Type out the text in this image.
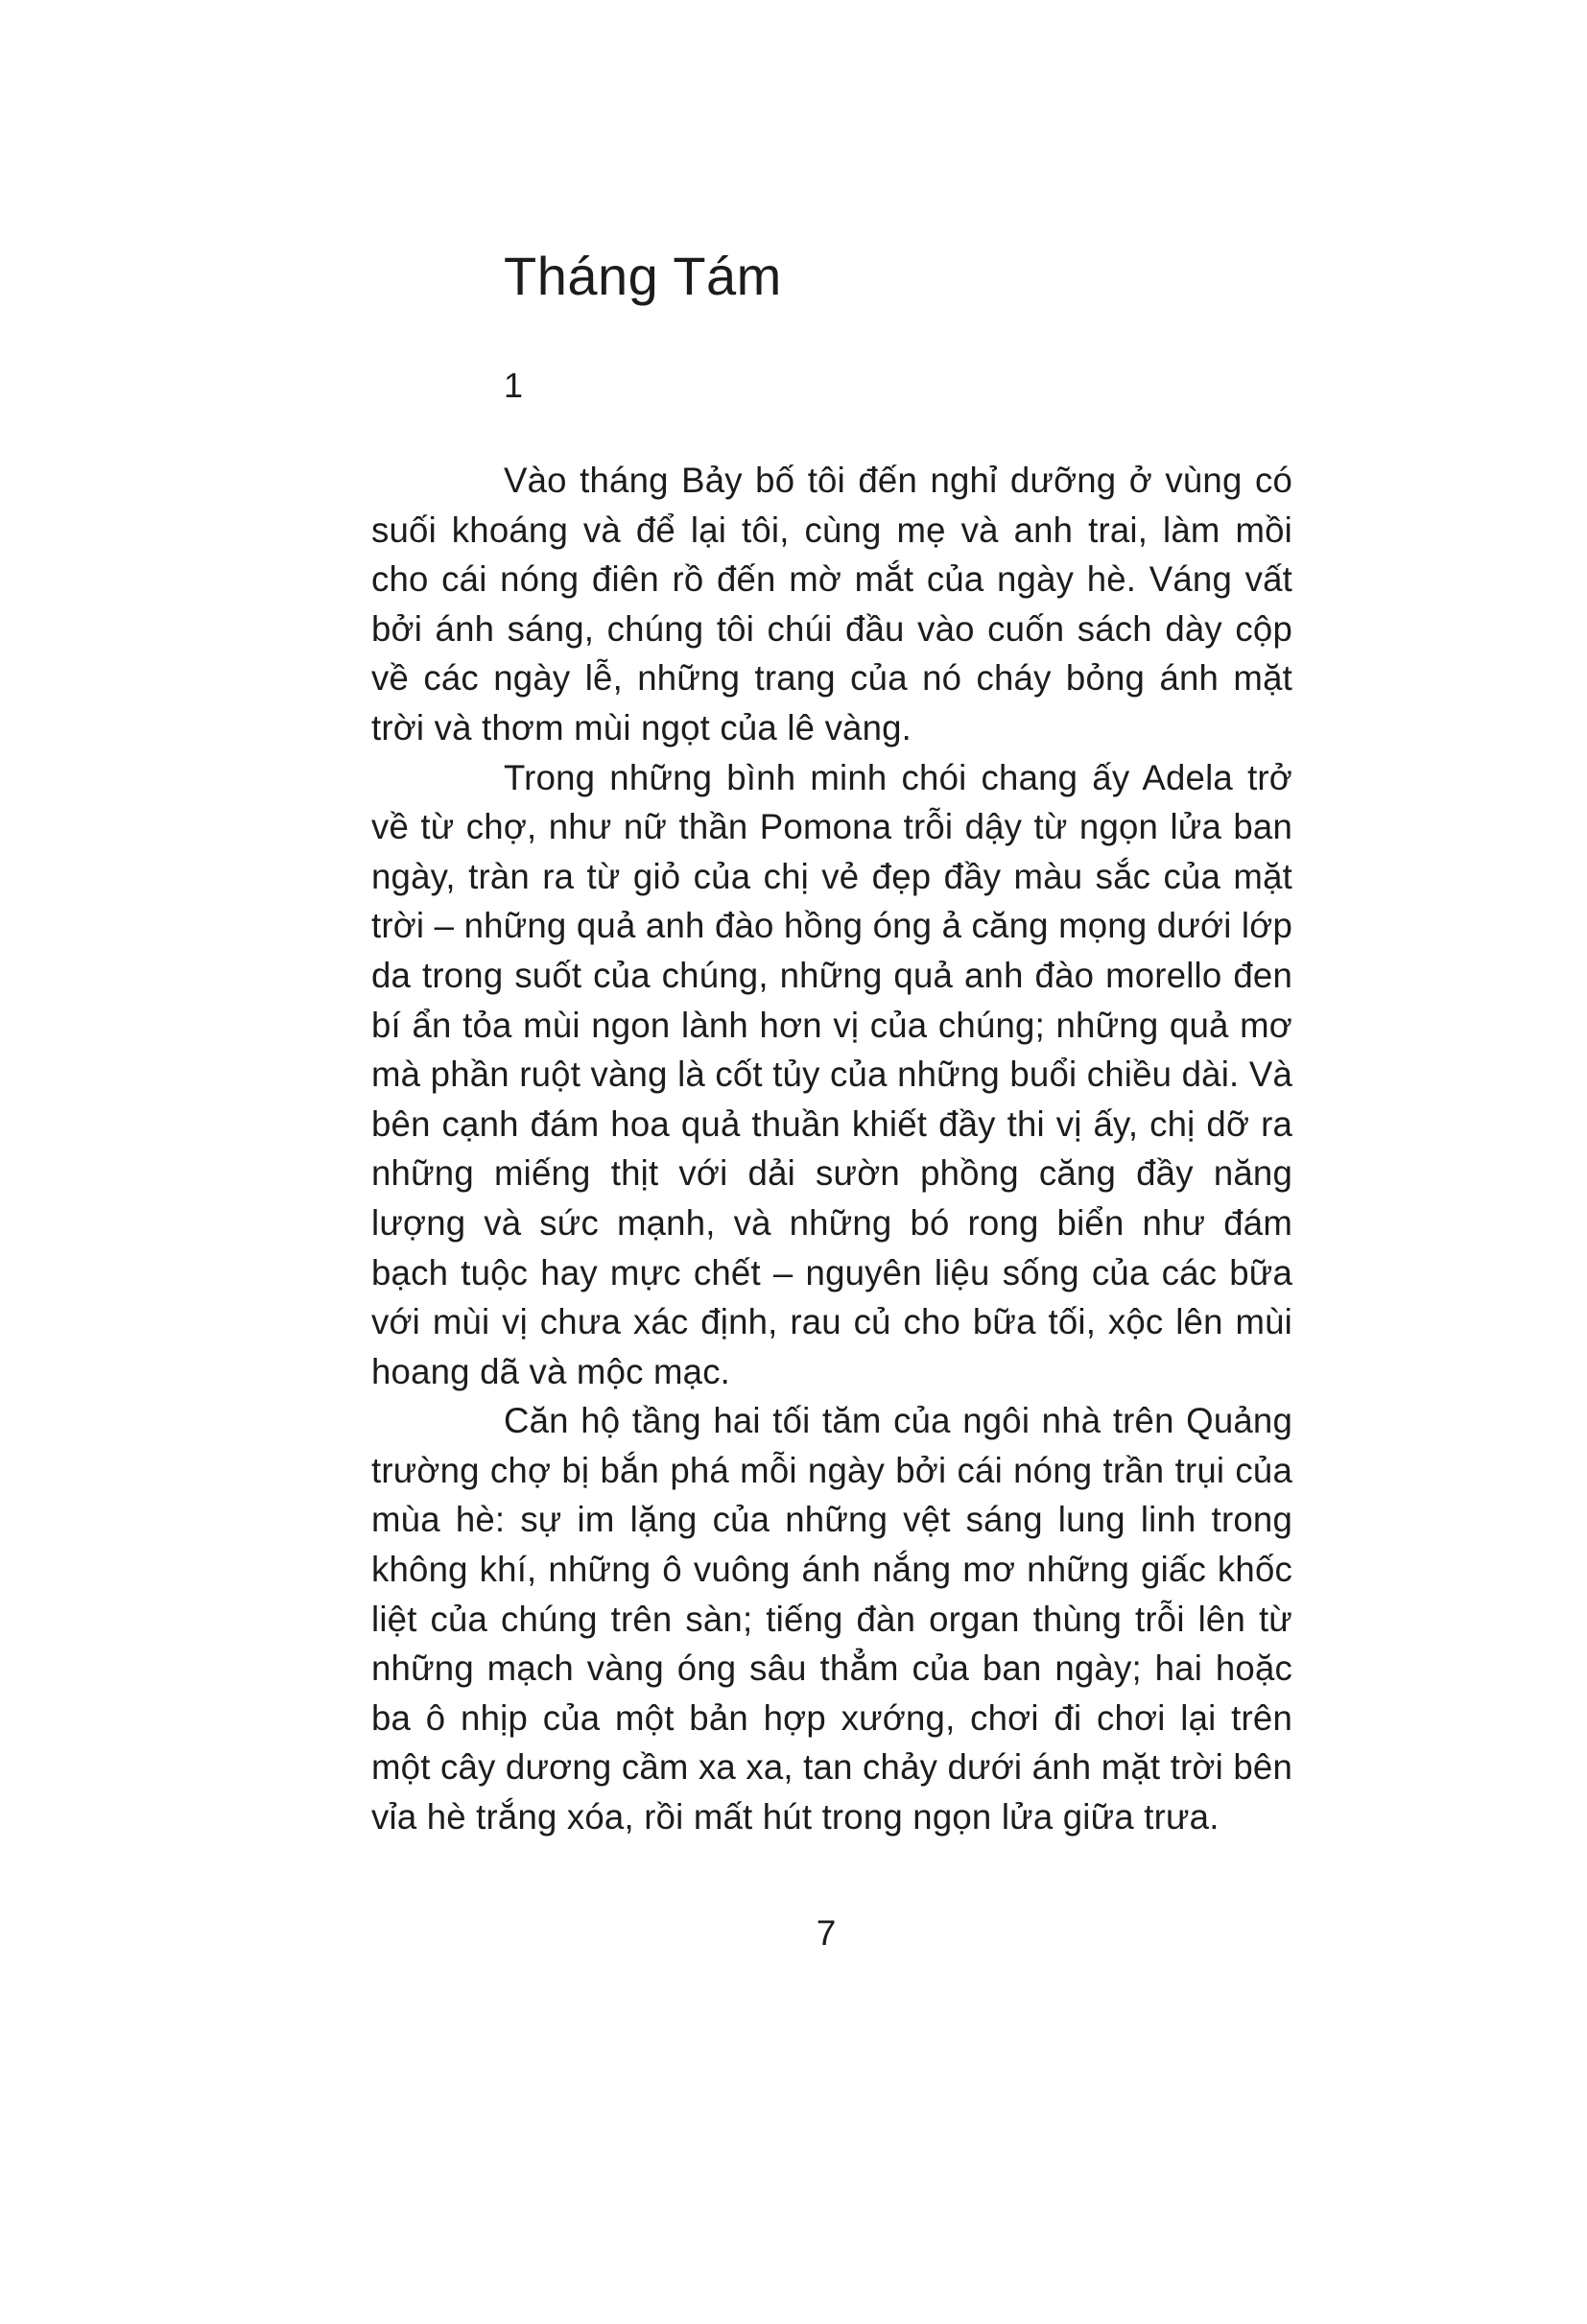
Tháng Tám
1

Vào tháng Bảy bố tôi đến nghỉ dưỡng ở vùng có suối khoáng và để lại tôi, cùng mẹ và anh trai, làm mồi cho cái nóng điên rồ đến mờ mắt của ngày hè. Váng vất bởi ánh sáng, chúng tôi chúi đầu vào cuốn sách dày cộp về các ngày lễ, những trang của nó cháy bỏng ánh mặt trời và thơm mùi ngọt của lê vàng.

Trong những bình minh chói chang ấy Adela trở về từ chợ, như nữ thần Pomona trỗi dậy từ ngọn lửa ban ngày, tràn ra từ giỏ của chị vẻ đẹp đầy màu sắc của mặt trời – những quả anh đào hồng óng ả căng mọng dưới lớp da trong suốt của chúng, những quả anh đào morello đen bí ẩn tỏa mùi ngon lành hơn vị của chúng; những quả mơ mà phần ruột vàng là cốt tủy của những buổi chiều dài. Và bên cạnh đám hoa quả thuần khiết đầy thi vị ấy, chị dỡ ra những miếng thịt với dải sườn phồng căng đầy năng lượng và sức mạnh, và những bó rong biển như đám bạch tuộc hay mực chết – nguyên liệu sống của các bữa với mùi vị chưa xác định, rau củ cho bữa tối, xộc lên mùi hoang dã và mộc mạc.

Căn hộ tầng hai tối tăm của ngôi nhà trên Quảng trường chợ bị bắn phá mỗi ngày bởi cái nóng trần trụi của mùa hè: sự im lặng của những vệt sáng lung linh trong không khí, những ô vuông ánh nắng mơ những giấc khốc liệt của chúng trên sàn; tiếng đàn organ thùng trỗi lên từ những mạch vàng óng sâu thẳm của ban ngày; hai hoặc ba ô nhịp của một bản hợp xướng, chơi đi chơi lại trên một cây dương cầm xa xa, tan chảy dưới ánh mặt trời bên vỉa hè trắng xóa, rồi mất hút trong ngọn lửa giữa trưa.

7
